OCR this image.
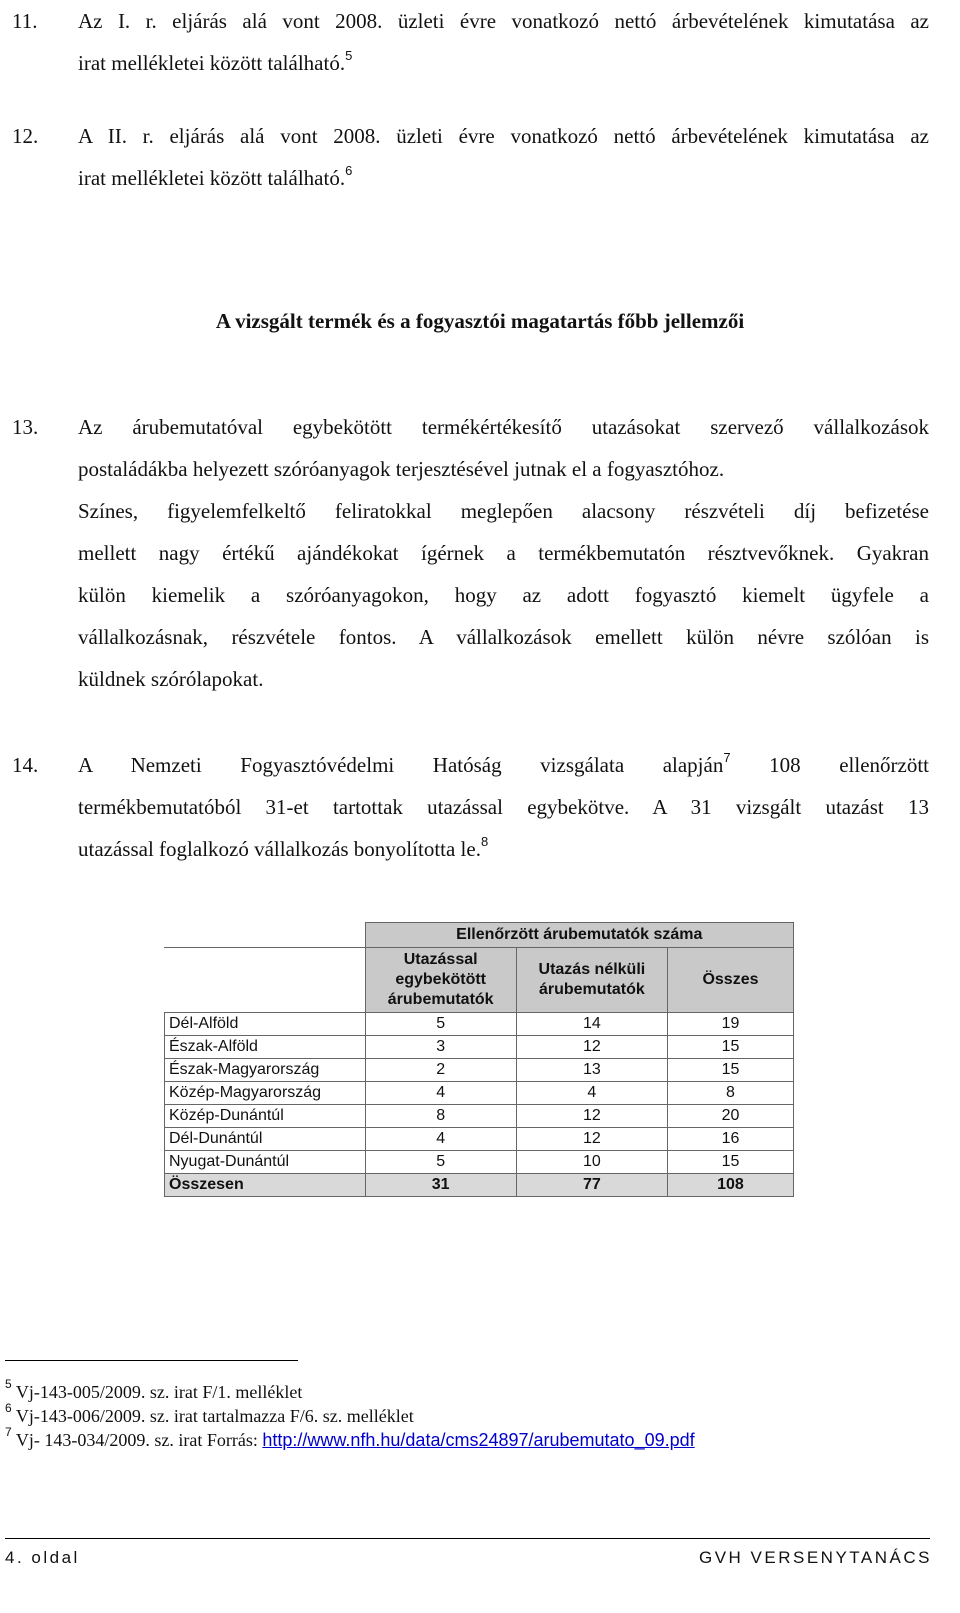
11. Az I. r. eljárás alá vont 2008. üzleti évre vonatkozó nettó árbevételének kimutatása az
irat mellékletei között található.$^5$
12. A II. r. eljárás alá vont 2008. üzleti évre vonatkozó nettó árbevételének kimutatása az
irat mellékletei között található.$^6$
A vizsgált termék és a fogyasztói magatartás főbb jellemzői
13. Az árubemutatóval egybekötött termékértékesítő utazásokat szervező vállalkozások
postaládákba helyezett szóróanyagok terjesztésével jutnak el a fogyasztóhoz.
Színes, figyelemfelkeltő feliratokkal meglepően alacsony részvételi díj befizetése
mellett nagy értékű ajándékokat ígérnek a termékbemutatón résztvevőknek. Gyakran
külön kiemelik a szóróanyagokon, hogy az adott fogyasztó kiemelt ügyfele a
vállalkozásnak, részvétele fontos. A vállalkozások emellett külön névre szólóan is
küldnek szórólapokat.
14. A Nemzeti Fogyasztóvédelmi Hatóság vizsgálata alapján$^7$ 108 ellenőrzött
termékbemutatóból 31-et tartottak utazással egybekötve. A 31 vizsgált utazást 13
utazással foglalkozó vállalkozás bonyolította le.$^8$
	Ellenőrzött árubemutatók száma		
	Utazással egybekötött árubemutatók	Utazás nélküli árubemutatók	Összes
Dél-Alföld	5	14	19
Észak-Alföld	3	12	15
Észak-Magyarország	2	13	15
Közép-Magyarország	4	4	8
Közép-Dunántúl	8	12	20
Dél-Dunántúl	4	12	16
Nyugat-Dunántúl	5	10	15
Összesen	31	77	108
$^5$ Vj-143-005/2009. sz. irat F/1. melléklet
$^6$ Vj-143-006/2009. sz. irat tartalmazza F/6. sz. melléklet
$^7$ Vj- 143-034/2009. sz. irat Forrás: http://www.nfh.hu/data/cms24897/arubemutato_09.pdf
4. oldal	GVH VERSENYTANÁCS
